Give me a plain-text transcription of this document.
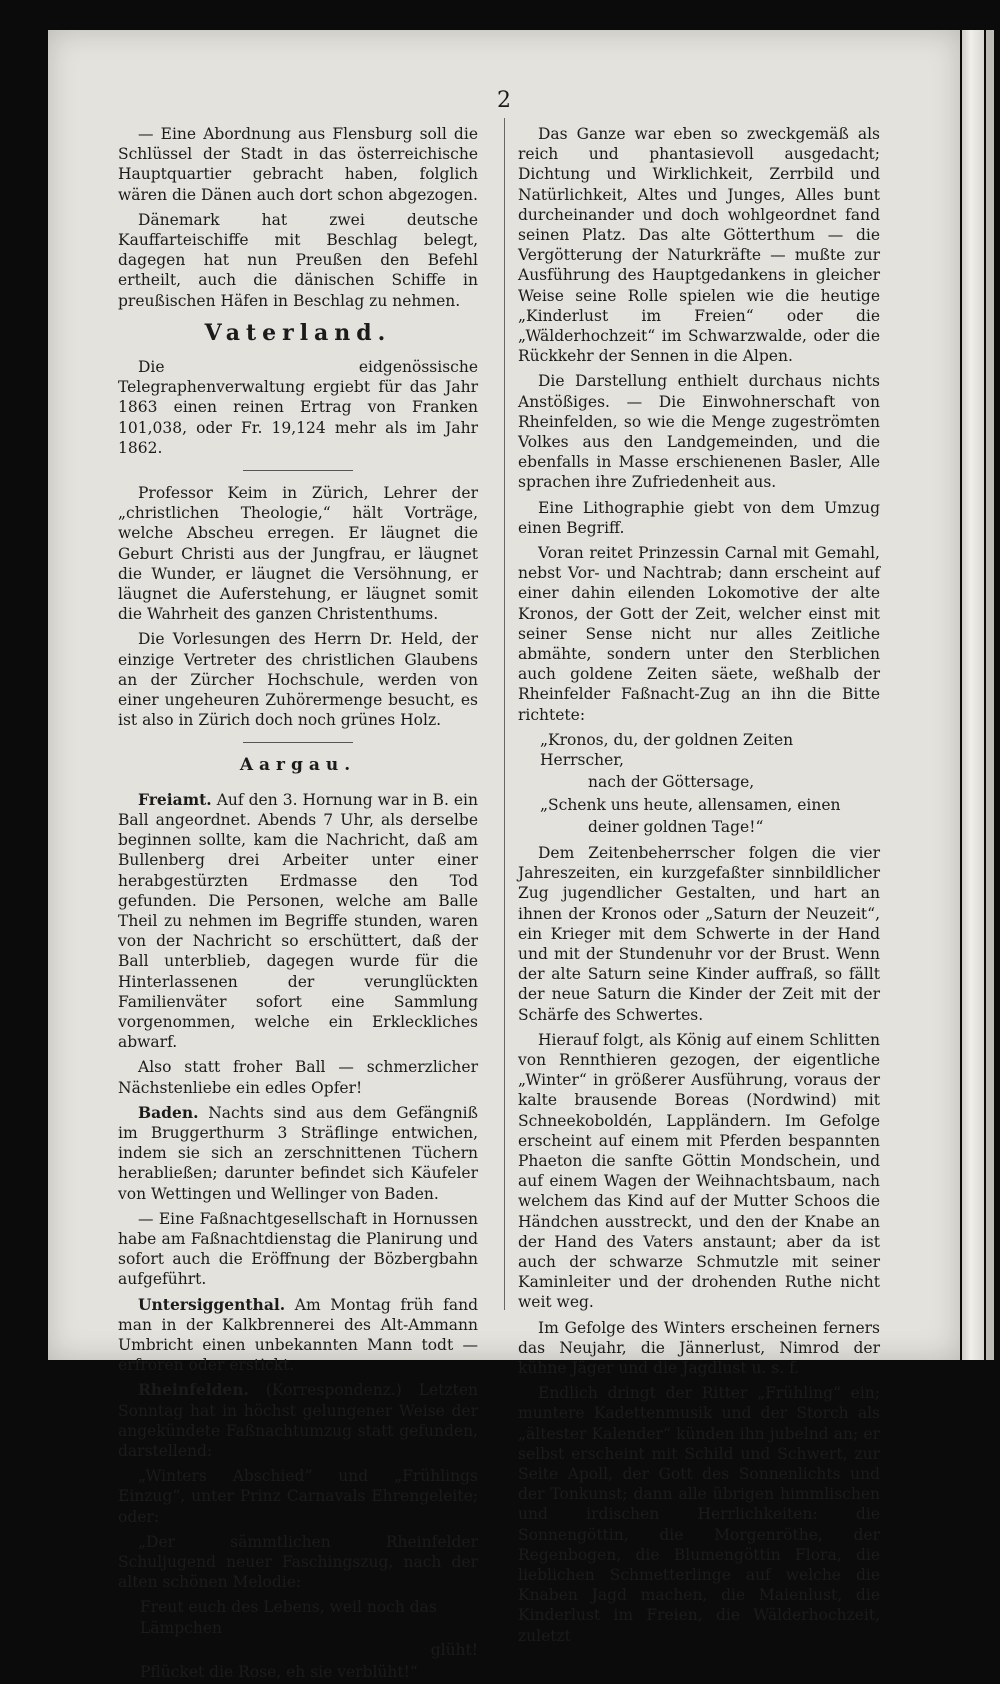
2

— Eine Abordnung aus Flensburg soll die Schlüssel der Stadt in das österreichische Hauptquartier gebracht haben, folglich wären die Dänen auch dort schon abgezogen.

Dänemark hat zwei deutsche Kauffarteischiffe mit Beschlag belegt, dagegen hat nun Preußen den Befehl ertheilt, auch die dänischen Schiffe in preußischen Häfen in Beschlag zu nehmen.

Vaterland.

Die eidgenössische Telegraphenverwaltung ergiebt für das Jahr 1863 einen reinen Ertrag von Franken 101,038, oder Fr. 19,124 mehr als im Jahr 1862.

Professor Keim in Zürich, Lehrer der „christlichen Theologie,“ hält Vorträge, welche Abscheu erregen. Er läugnet die Geburt Christi aus der Jungfrau, er läugnet die Wunder, er läugnet die Versöhnung, er läugnet die Auferstehung, er läugnet somit die Wahrheit des ganzen Christenthums.

Die Vorlesungen des Herrn Dr. Held, der einzige Vertreter des christlichen Glaubens an der Zürcher Hochschule, werden von einer ungeheuren Zuhörermenge besucht, es ist also in Zürich doch noch grünes Holz.

Aargau.

Freiamt. Auf den 3. Hornung war in B. ein Ball angeordnet. Abends 7 Uhr, als derselbe beginnen sollte, kam die Nachricht, daß am Bullenberg drei Arbeiter unter einer herabgestürzten Erdmasse den Tod gefunden. Die Personen, welche am Balle Theil zu nehmen im Begriffe stunden, waren von der Nachricht so erschüttert, daß der Ball unterblieb, dagegen wurde für die Hinterlassenen der verunglückten Familienväter sofort eine Sammlung vorgenommen, welche ein Erkleckliches abwarf.

Also statt froher Ball — schmerzlicher Nächstenliebe ein edles Opfer!

Baden. Nachts sind aus dem Gefängniß im Bruggerthurm 3 Sträflinge entwichen, indem sie sich an zerschnittenen Tüchern herabließen; darunter befindet sich Käufeler von Wettingen und Wellinger von Baden.

— Eine Faßnachtgesellschaft in Hornussen habe am Faßnachtdienstag die Planirung und sofort auch die Eröffnung der Bözbergbahn aufgeführt.

Untersiggenthal. Am Montag früh fand man in der Kalkbrennerei des Alt-Ammann Umbricht einen unbekannten Mann todt — erfroren oder erstickt.

Rheinfelden. (Korrespondenz.) Letzten Sonntag hat in höchst gelungener Weise der angekündete Faßnachtumzug statt gefunden, darstellend:

„Winters Abschied“ und „Frühlings Einzug“, unter Prinz Carnavals Ehrengeleite; oder:

„Der sämmtlichen Rheinfelder Schuljugend neuer Faschingszug, nach der alten schönen Melodie:

Freut euch des Lebens, weil noch das Lämpchen
glüht!
Pflücket die Rose, eh sie verblüht!“

Das Ganze war eben so zweckgemäß als reich und phantasievoll ausgedacht; Dichtung und Wirklichkeit, Zerrbild und Natürlichkeit, Altes und Junges, Alles bunt durcheinander und doch wohlgeordnet fand seinen Platz. Das alte Götterthum — die Vergötterung der Naturkräfte — mußte zur Ausführung des Hauptgedankens in gleicher Weise seine Rolle spielen wie die heutige „Kinderlust im Freien“ oder die „Wälderhochzeit“ im Schwarzwalde, oder die Rückkehr der Sennen in die Alpen.

Die Darstellung enthielt durchaus nichts Anstößiges. — Die Einwohnerschaft von Rheinfelden, so wie die Menge zugeströmten Volkes aus den Landgemeinden, und die ebenfalls in Masse erschienenen Basler, Alle sprachen ihre Zufriedenheit aus.

Eine Lithographie giebt von dem Umzug einen Begriff.

Voran reitet Prinzessin Carnal mit Gemahl, nebst Vor- und Nachtrab; dann erscheint auf einer dahin eilenden Lokomotive der alte Kronos, der Gott der Zeit, welcher einst mit seiner Sense nicht nur alles Zeitliche abmähte, sondern unter den Sterblichen auch goldene Zeiten säete, weßhalb der Rheinfelder Faßnacht-Zug an ihn die Bitte richtete:

„Kronos, du, der goldnen Zeiten Herrscher,
nach der Göttersage,
„Schenk uns heute, allensamen, einen
deiner goldnen Tage!“

Dem Zeitenbeherrscher folgen die vier Jahreszeiten, ein kurzgefaßter sinnbildlicher Zug jugendlicher Gestalten, und hart an ihnen der Kronos oder „Saturn der Neuzeit“, ein Krieger mit dem Schwerte in der Hand und mit der Stundenuhr vor der Brust. Wenn der alte Saturn seine Kinder auffraß, so fällt der neue Saturn die Kinder der Zeit mit der Schärfe des Schwertes.

Hierauf folgt, als König auf einem Schlitten von Rennthieren gezogen, der eigentliche „Winter“ in größerer Ausführung, voraus der kalte brausende Boreas (Nordwind) mit Schneekoboldén, Lappländern. Im Gefolge erscheint auf einem mit Pferden bespannten Phaeton die sanfte Göttin Mondschein, und auf einem Wagen der Weihnachtsbaum, nach welchem das Kind auf der Mutter Schoos die Händchen ausstreckt, und den der Knabe an der Hand des Vaters anstaunt; aber da ist auch der schwarze Schmutzle mit seiner Kaminleiter und der drohenden Ruthe nicht weit weg.

Im Gefolge des Winters erscheinen ferners das Neujahr, die Jännerlust, Nimrod der kühne Jäger und die Jagdlust u. s. f.

Endlich dringt der Ritter „Frühling“ ein; muntere Kadettenmusik und der Storch als „ältester Kalender“ künden ihn jubelnd an; er selbst erscheint mit Schild und Schwert, zur Seite Apoll, der Gott des Sonnenlichts und der Tonkunst; dann alle übrigen himmlischen und irdischen Herrlichkeiten: die Sonnengöttin, die Morgenröthe, der Regenbogen, die Blumengöttin Flora, die lieblichen Schmetterlinge auf welche die Knaben Jagd machen, die Maienlust, die Kinderlust im Freien, die Wälderhochzeit, zuletzt
